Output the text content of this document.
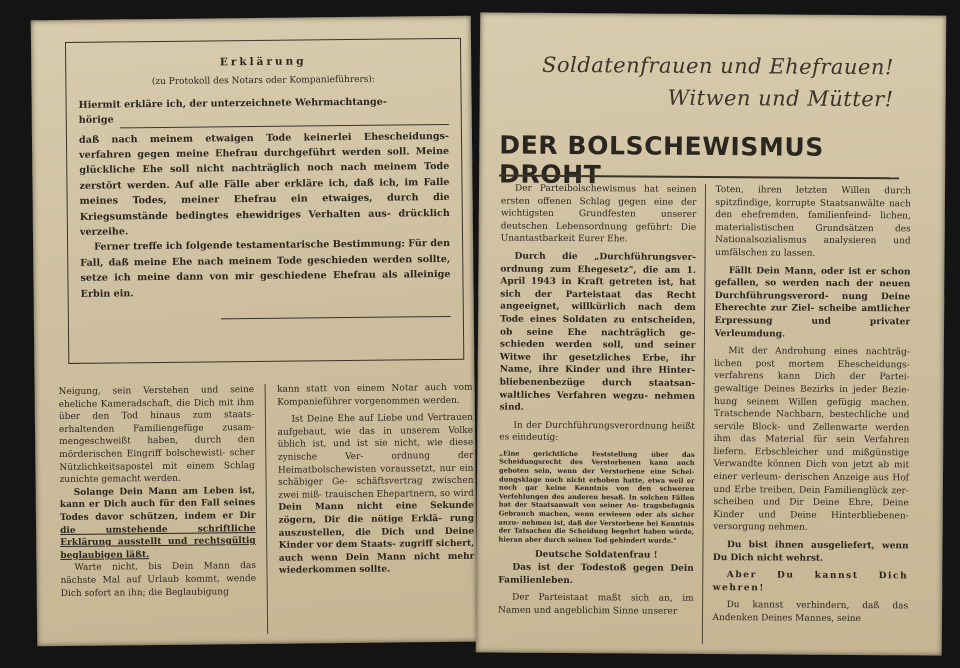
Erklärung
(zu Protokoll des Notars oder Kompanieführers):
Hiermit erkläre ich, der unterzeichnete Wehrmachtange-
hörige
daß nach meinem etwaigen Tode keinerlei Ehescheidungs- verfahren gegen meine Ehefrau durchgeführt werden soll. Meine glückliche Ehe soll nicht nachträglich noch nach meinem Tode zerstört werden. Auf alle Fälle aber erkläre ich, daß ich, im Falle meines Todes, meiner Ehefrau ein etwaiges, durch die Kriegsumstände bedingtes ehewidriges Verhalten aus- drücklich verzeihe.
Ferner treffe ich folgende testamentarische Bestimmung: Für den Fall, daß meine Ehe nach meinem Tode geschieden werden sollte, setze ich meine dann von mir geschiedene Ehefrau als alleinige Erbin ein.

Neigung, sein Verstehen und seine eheliche Kameradschaft, die Dich mit ihm über den Tod hinaus zum staats- erhaltenden Familiengefüge zusam- mengeschweißt haben, durch den mörderischen Eingriff bolschewisti- scher Nützlichkeitsapostel mit einem Schlag zunichte gemacht werden.

Solange Dein Mann am Leben ist, kann er Dich auch für den Fall seines Todes davor schützen, indem er Dir die umstehende schriftliche Erklärung ausstellt und rechtsgültig beglaubigen läßt.

Warte nicht, bis Dein Mann das nächste Mal auf Urlaub kommt, wende Dich sofort an ihn; die Beglaubigung

kann statt von einem Notar auch vom Kompanieführer vorgenommen werden.

Ist Deine Ehe auf Liebe und Vertrauen aufgebaut, wie das in unserem Volke üblich ist, und ist sie nicht, wie diese zynische Ver- ordnung der Heimatbolschewisten voraussetzt, nur ein schäbiger Ge- schäftsvertrag zwischen zwei miß- trauischen Ehepartnern, so wird Dein Mann nicht eine Sekunde zögern, Dir die nötige Erklä- rung auszustellen, die Dich und Deine Kinder vor dem Staats- zugriff sichert, auch wenn Dein Mann nicht mehr wiederkommen sollte.

Soldatenfrauen und Ehefrauen!
Witwen und Mütter!
DER BOLSCHEWISMUS DROHT

Der Parteibolschewismus hat seinen ersten offenen Schlag gegen eine der wichtigsten Grundfesten unserer deutschen Lebensordnung geführt: Die Unantastbarkeit Eurer Ehe.

Durch die „Durchführungsver- ordnung zum Ehegesetz", die am 1. April 1943 in Kraft getreten ist, hat sich der Parteistaat das Recht angeeignet, willkürlich nach dem Tode eines Soldaten zu entscheiden, ob seine Ehe nachträglich ge- schieden werden soll, und seiner Witwe ihr gesetzliches Erbe, ihr Name, ihre Kinder und ihre Hinter- bliebenenbezüge durch staatsan- waltliches Verfahren wegzu- nehmen sind.

In der Durchführungsverordnung heißt es eindeutig:

„Eine gerichtliche Feststellung über das Scheidungsrecht des Verstorbenen kann auch geboten sein, wenn der Verstorbene eine Schei- dungsklage noch nicht erhoben hatte, etwa weil er noch gar keine Kenntnis von den schweren Verfehlungen des anderen besaß. In solchen Fällen hat der Staatsanwalt von seiner An- tragsbefugnis Gebrauch machen, wenn erwiesen oder als sicher anzu- nehmen ist, daß der Verstorbene bei Kenntnis der Tatsachen die Scheidung begehrt haben würde, hieran aber durch seinen Tod gehindert wurde."

Deutsche Soldatenfrau !

Das ist der Todestoß gegen Dein Familienleben.

Der Parteistaat maßt sich an, im Namen und angeblichim Sinne unserer

Toten, ihren letzten Willen durch spitzfindige, korrupte Staatsanwälte nach den ehefremden, familienfeind- lichen, materialistischen Grundsätzen des Nationalsozialismus analysieren und umfälschen zu lassen.

Fällt Dein Mann, oder ist er schon gefallen, so werden nach der neuen Durchführungsverord- nung Deine Eherechte zur Ziel- scheibe amtlicher Erpressung und privater Verleumdung.

Mit der Androhung eines nachträg- lichen post mortem Ehescheidungs- verfahrens kann Dich der Partei- gewaltige Deines Bezirks in jeder Bezie- hung seinem Willen gefügig machen. Tratschende Nachbarn, bestechliche und servile Block- und Zellenwarte werden ihm das Material für sein Verfahren liefern. Erbschleicher und mißgünstige Verwandte können Dich von jetzt ab mit einer verleum- derischen Anzeige aus Hof und Erbe treiben, Dein Familienglück zer- scheiben und Dir Deine Ehre, Deine Kinder und Deine Hinterbliebenen- versorgung nehmen.

Du bist ihnen ausgeliefert, wenn Du Dich nicht wehrst.

Aber Du kannst Dich wehren!

Du kannst verhindern, daß das Andenken Deines Mannes, seine
